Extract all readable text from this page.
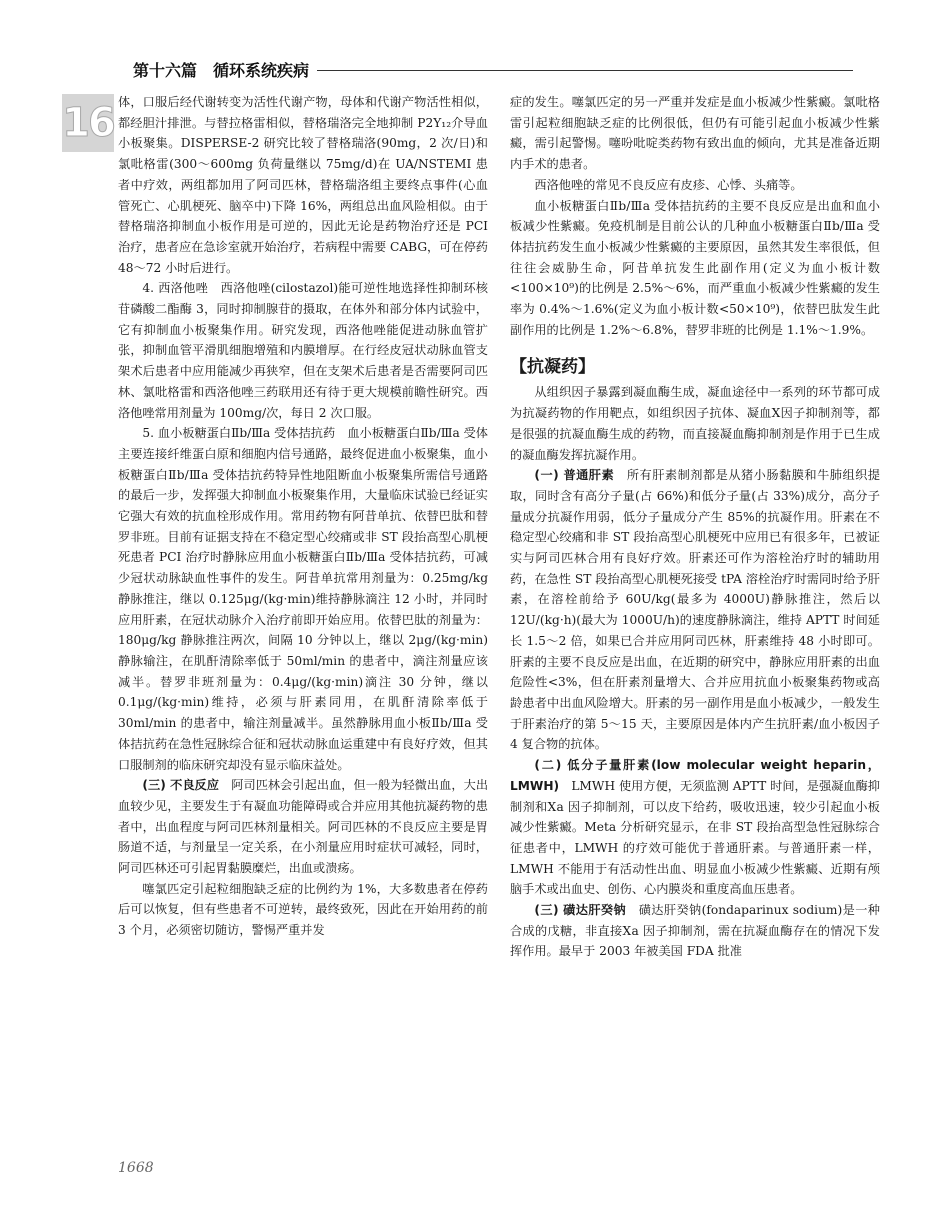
第十六篇 循环系统疾病
16 体，口服后经代谢转变为活性代谢产物，母体和代谢产物活性相似，都经胆汁排泄。与替拉格雷相似，替格瑞洛完全地抑制 P2Y₁₂介导血小板聚集。DISPERSE-2 研究比较了替格瑞洛(90mg，2 次/日)和氯吡格雷(300～600mg 负荷量继以 75mg/d)在 UA/NSTEMI 患者中疗效，两组都加用了阿司匹林，替格瑞洛组主要终点事件(心血管死亡、心肌梗死、脑卒中)下降 16%，两组总出血风险相似。由于替格瑞洛抑制血小板作用是可逆的，因此无论是药物治疗还是 PCI 治疗，患者应在急诊室就开始治疗，若病程中需要 CABG，可在停药 48～72 小时后进行。

4. 西洛他唑　西洛他唑(cilostazol)能可逆性地选择性抑制环核苷磷酸二酯酶 3，同时抑制腺苷的摄取，在体外和部分体内试验中，它有抑制血小板聚集作用。研究发现，西洛他唑能促进动脉血管扩张，抑制血管平滑肌细胞增殖和内膜增厚。在行经皮冠状动脉血管支架术后患者中应用能减少再狭窄，但在支架术后患者是否需要阿司匹林、氯吡格雷和西洛他唑三药联用还有待于更大规模前瞻性研究。西洛他唑常用剂量为 100mg/次，每日 2 次口服。

5. 血小板糖蛋白Ⅱb/Ⅲa 受体拮抗药　血小板糖蛋白Ⅱb/Ⅲa 受体主要连接纤维蛋白原和细胞内信号通路，最终促进血小板聚集，血小板糖蛋白Ⅱb/Ⅲa 受体拮抗药特异性地阻断血小板聚集所需信号通路的最后一步，发挥强大抑制血小板聚集作用，大量临床试验已经证实它强大有效的抗血栓形成作用。常用药物有阿昔单抗、依替巴肽和替罗非班。目前有证据支持在不稳定型心绞痛或非 ST 段抬高型心肌梗死患者 PCI 治疗时静脉应用血小板糖蛋白Ⅱb/Ⅲa 受体拮抗药，可减少冠状动脉缺血性事件的发生。阿昔单抗常用剂量为：0.25mg/kg 静脉推注，继以 0.125μg/(kg·min)维持静脉滴注 12 小时，并同时应用肝素，在冠状动脉介入治疗前即开始应用。依替巴肽的剂量为：180μg/kg 静脉推注两次，间隔 10 分钟以上，继以 2μg/(kg·min)静脉输注，在肌酐清除率低于 50ml/min 的患者中，滴注剂量应该减半。替罗非班剂量为：0.4μg/(kg·min)滴注 30 分钟，继以 0.1μg/(kg·min)维持，必须与肝素同用，在肌酐清除率低于 30ml/min 的患者中，输注剂量减半。虽然静脉用血小板Ⅱb/Ⅲa 受体拮抗药在急性冠脉综合征和冠状动脉血运重建中有良好疗效，但其口服制剂的临床研究却没有显示临床益处。

(三) 不良反应　 阿司匹林会引起出血，但一般为轻微出血，大出血较少见，主要发生于有凝血功能障碍或合并应用其他抗凝药物的患者中，出血程度与阿司匹林剂量相关。阿司匹林的不良反应主要是胃肠道不适，与剂量呈一定关系，在小剂量应用时症状可减轻，同时，阿司匹林还可引起胃黏膜糜烂，出血或溃疡。

噻氯匹定引起粒细胞缺乏症的比例约为 1%，大多数患者在停药后可以恢复，但有些患者不可逆转，最终致死，因此在开始用药的前 3 个月，必须密切随访，警惕严重并发

症的发生。噻氯匹定的另一严重并发症是血小板减少性紫癜。氯吡格雷引起粒细胞缺乏症的比例很低，但仍有可能引起血小板减少性紫癜，需引起警惕。噻吩吡啶类药物有致出血的倾向，尤其是准备近期内手术的患者。

西洛他唑的常见不良反应有皮疹、心悸、头痛等。

血小板糖蛋白Ⅱb/Ⅲa 受体拮抗药的主要不良反应是出血和血小板减少性紫癜。免疫机制是目前公认的几种血小板糖蛋白Ⅱb/Ⅲa 受体拮抗药发生血小板减少性紫癜的主要原因，虽然其发生率很低，但往往会威胁生命，阿昔单抗发生此副作用(定义为血小板计数<100×10⁹)的比例是 2.5%～6%，而严重血小板减少性紫癜的发生率为 0.4%～1.6%(定义为血小板计数<50×10⁹)，依替巴肽发生此副作用的比例是 1.2%～6.8%，替罗非班的比例是 1.1%～1.9%。

【抗凝药】

从组织因子暴露到凝血酶生成，凝血途径中一系列的环节都可成为抗凝药物的作用靶点，如组织因子抗体、凝血Ⅹ因子抑制剂等，都是很强的抗凝血酶生成的药物，而直接凝血酶抑制剂是作用于已生成的凝血酶发挥抗凝作用。

(一) 普通肝素　 所有肝素制剂都是从猪小肠黏膜和牛肺组织提取，同时含有高分子量(占 66%)和低分子量(占 33%)成分，高分子量成分抗凝作用弱，低分子量成分产生 85%的抗凝作用。肝素在不稳定型心绞痛和非 ST 段抬高型心肌梗死中应用已有很多年，已被证实与阿司匹林合用有良好疗效。肝素还可作为溶栓治疗时的辅助用药，在急性 ST 段抬高型心肌梗死接受 tPA 溶栓治疗时需同时给予肝素，在溶栓前给予 60U/kg(最多为 4000U)静脉推注，然后以 12U/(kg·h)(最大为 1000U/h)的速度静脉滴注，维持 APTT 时间延长 1.5～2 倍，如果已合并应用阿司匹林，肝素维持 48 小时即可。肝素的主要不良反应是出血，在近期的研究中，静脉应用肝素的出血危险性<3%，但在肝素剂量增大、合并应用抗血小板聚集药物或高龄患者中出血风险增大。肝素的另一副作用是血小板减少，一般发生于肝素治疗的第 5～15 天，主要原因是体内产生抗肝素/血小板因子 4 复合物的抗体。

(二) 低分子量肝素(low molecular weight heparin，LMWH)　 LMWH 使用方便，无须监测 APTT 时间，是强凝血酶抑制剂和Ⅹa 因子抑制剂，可以皮下给药，吸收迅速，较少引起血小板减少性紫癜。Meta 分析研究显示，在非 ST 段抬高型急性冠脉综合征患者中，LMWH 的疗效可能优于普通肝素。与普通肝素一样，LMWH 不能用于有活动性出血、明显血小板减少性紫癜、近期有颅脑手术或出血史、创伤、心内膜炎和重度高血压患者。

(三) 磺达肝癸钠　 磺达肝癸钠(fondaparinux sodium)是一种合成的戊糖，非直接Ⅹa 因子抑制剂，需在抗凝血酶存在的情况下发挥作用。最早于 2003 年被美国 FDA 批准

1668
